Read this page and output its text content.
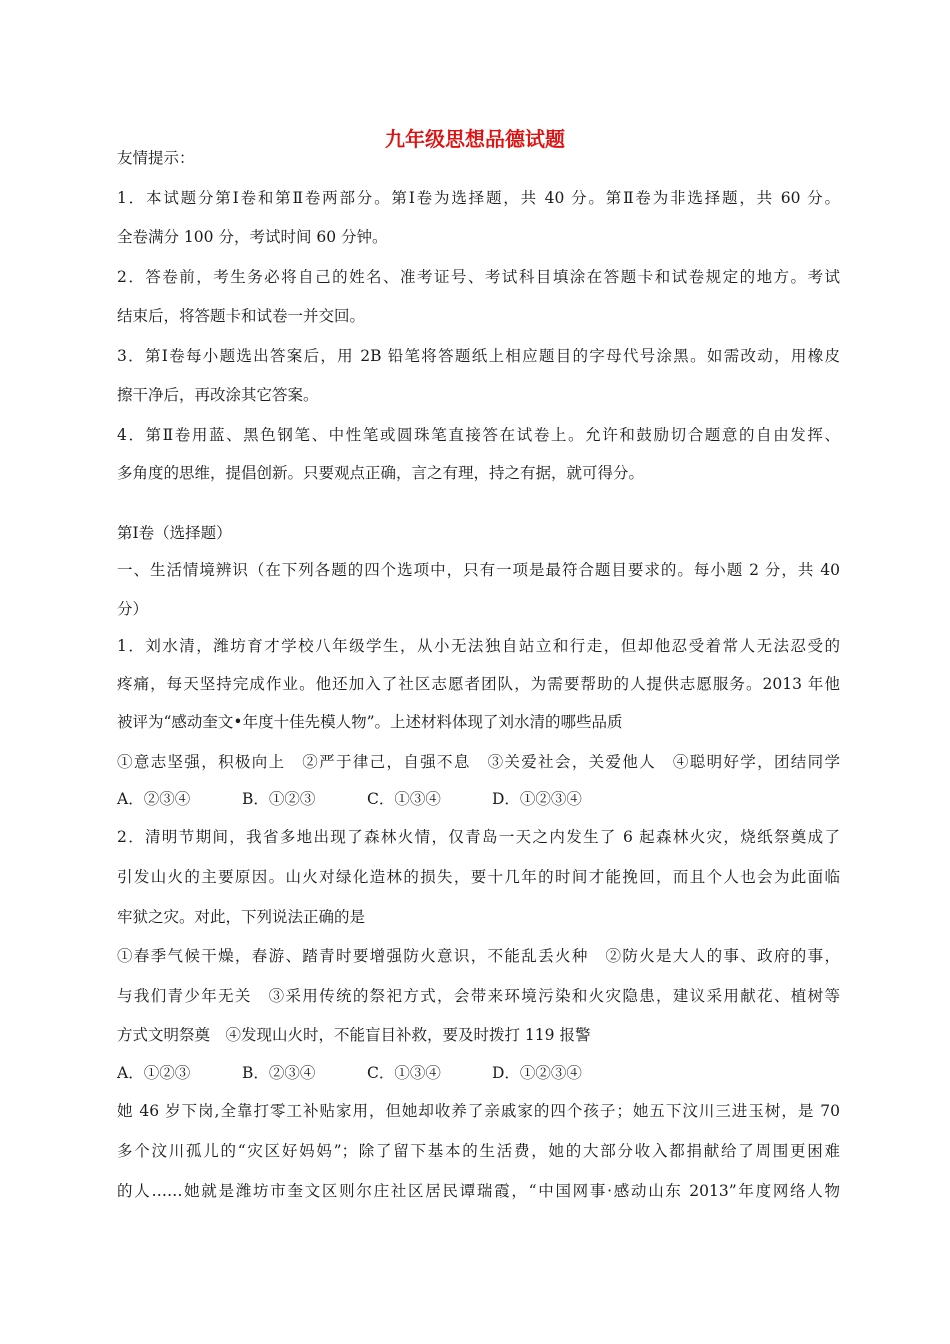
九年级思想品德试题
友情提示：
1．本试题分第Ⅰ卷和第Ⅱ卷两部分。第Ⅰ卷为选择题，共 40 分。第Ⅱ卷为非选择题，共 60 分。
全卷满分 100 分，考试时间 60 分钟。
2．答卷前，考生务必将自己的姓名、准考证号、考试科目填涂在答题卡和试卷规定的地方。考试
结束后，将答题卡和试卷一并交回。
3．第Ⅰ卷每小题选出答案后，用 2B 铅笔将答题纸上相应题目的字母代号涂黑。如需改动，用橡皮
擦干净后，再改涂其它答案。
4．第Ⅱ卷用蓝、黑色钢笔、中性笔或圆珠笔直接答在试卷上。允许和鼓励切合题意的自由发挥、
多角度的思维，提倡创新。只要观点正确，言之有理，持之有据，就可得分。
第Ⅰ卷（选择题）
一、生活情境辨识（在下列各题的四个选项中，只有一项是最符合题目要求的。每小题 2 分，共 40
分）
1．刘水清，潍坊育才学校八年级学生，从小无法独自站立和行走，但却他忍受着常人无法忍受的
疼痛，每天坚持完成作业。他还加入了社区志愿者团队，为需要帮助的人提供志愿服务。2013 年他
被评为“感动奎文•年度十佳先模人物”。上述材料体现了刘水清的哪些品质
①意志坚强，积极向上　②严于律己，自强不息　③关爱社会，关爱他人　④聪明好学，团结同学
A．②③④	B．①②③	C．①③④	D．①②③④
2．清明节期间，我省多地出现了森林火情，仅青岛一天之内发生了 6 起森林火灾，烧纸祭奠成了
引发山火的主要原因。山火对绿化造林的损失，要十几年的时间才能挽回，而且个人也会为此面临
牢狱之灾。对此，下列说法正确的是
①春季气候干燥，春游、踏青时要增强防火意识，不能乱丢火种　②防火是大人的事、政府的事，
与我们青少年无关　③采用传统的祭祀方式，会带来环境污染和火灾隐患，建议采用献花、植树等
方式文明祭奠　④发现山火时，不能盲目补救，要及时拨打 119 报警
A．①②③	B．②③④	C．①③④	D．①②③④
她 46 岁下岗,全靠打零工补贴家用，但她却收养了亲戚家的四个孩子；她五下汶川三进玉树，是 70
多个汶川孤儿的“灾区好妈妈”；除了留下基本的生活费，她的大部分收入都捐献给了周围更困难
的人……她就是潍坊市奎文区则尔庄社区居民谭瑞霞，“中国网事·感动山东 2013”年度网络人物
